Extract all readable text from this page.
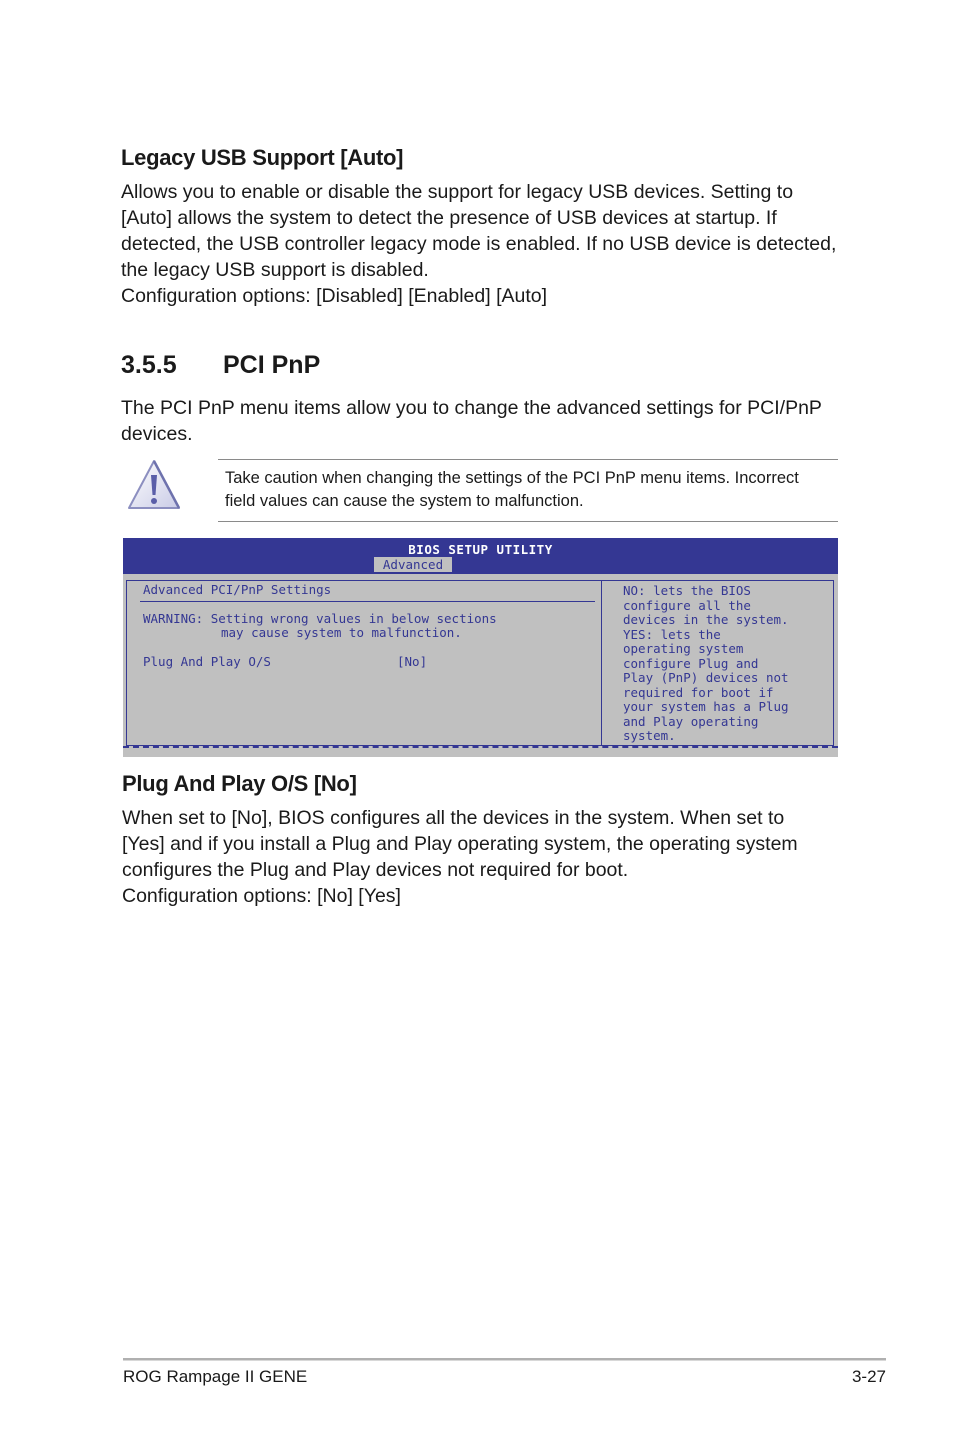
Legacy USB Support [Auto]

Allows you to enable or disable the support for legacy USB devices. Setting to

[Auto] allows the system to detect the presence of USB devices at startup. If

detected, the USB controller legacy mode is enabled. If no USB device is detected,

the legacy USB support is disabled.

Configuration options: [Disabled] [Enabled] [Auto]

3.5.5 PCI PnP

The PCI PnP menu items allow you to change the advanced settings for PCI/PnP

devices.

Take caution when changing the settings of the PCI PnP menu items. Incorrect
field values can cause the system to malfunction.
BIOS SETUP UTILITY
Advanced
Advanced PCI/PnP Settings
WARNING: Setting wrong values in below sections
may cause system to malfunction.
Plug And Play O/S	[No]
NO: lets the BIOS
configure all the
devices in the system.
YES: lets the
operating system
configure Plug and
Play (PnP) devices not
required for boot if
your system has a Plug
and Play operating
system.
Plug And Play O/S [No]

When set to [No], BIOS configures all the devices in the system. When set to

[Yes] and if you install a Plug and Play operating system, the operating system

configures the Plug and Play devices not required for boot.

Configuration options: [No] [Yes]

ROG Rampage II GENE	3-27
